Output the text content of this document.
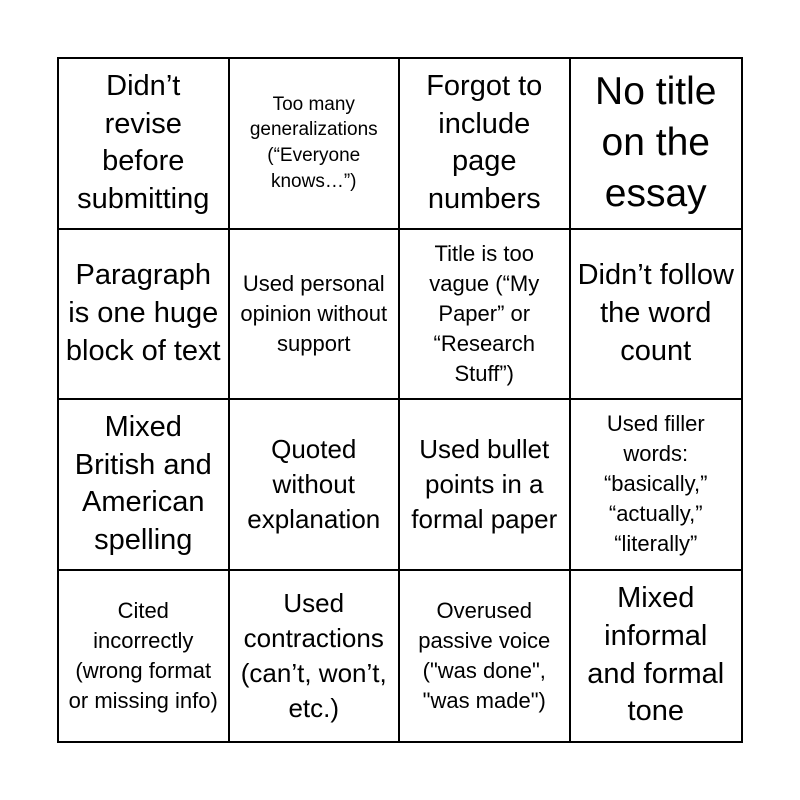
Didn’t revise before submitting
Too many generalizations (“Everyone knows…”)
Forgot to include page numbers
No title on the essay
Paragraph is one huge block of text
Used personal opinion without support
Title is too vague (“My Paper” or “Research Stuff”)
Didn’t follow the word count
Mixed British and American spelling
Quoted without explanation
Used bullet points in a formal paper
Used filler words: “basically,” “actually,” “literally”
Cited incorrectly (wrong format or missing info)
Used contractions (can’t, won’t, etc.)
Overused passive voice ("was done", "was made")
Mixed informal and formal tone
